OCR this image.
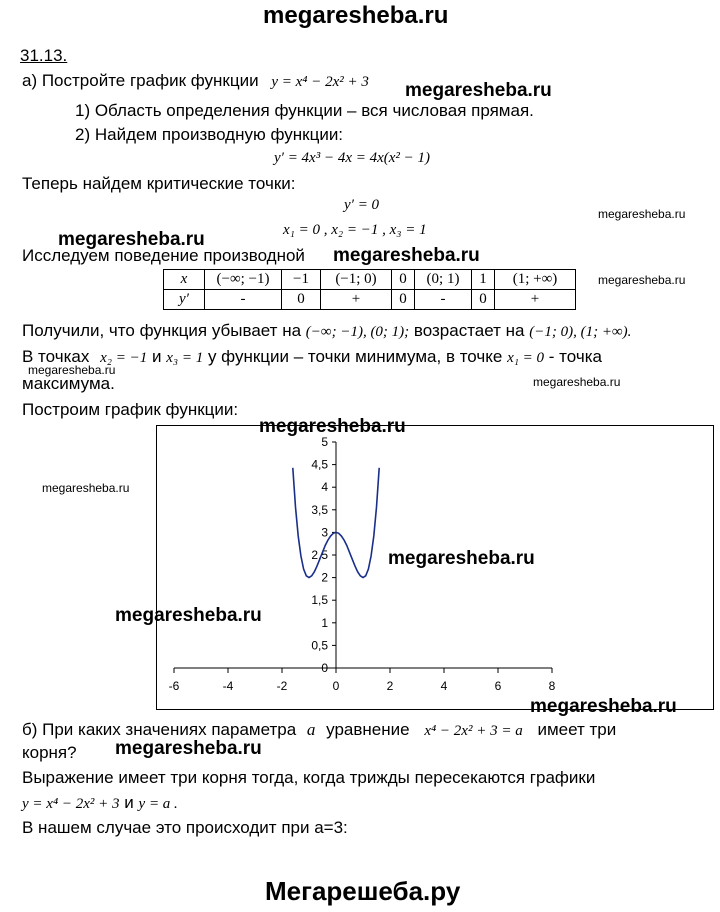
megaresheba.ru
31.13.
а) Постройте график функции y = x⁴ − 2x² + 3
1) Область определения функции – вся числовая прямая.
2) Найдем производную функции:
y′ = 4x³ − 4x = 4x(x² − 1)
Теперь найдем критические точки:
y′ = 0
x₁ = 0 , x₂ = −1 , x₃ = 1
Исследуем поведение производной
x	(−∞; −1)	−1	(−1; 0)	0	(0; 1)	1	(1; +∞)
y′	-	0	+	0	-	0	+
Получили, что функция убывает на (−∞; −1), (0; 1); возрастает на (−1; 0), (1; +∞).
В точках x₂ = −1 и x₃ = 1 у функции – точки минимума, в точке x₁ = 0 - точка
максимума.
Построим график функции:
-6	-4	-2	0	2	4	6	8
0
0,5
1
1,5
2
2,5
3
3,5
4
4,5
5
б) При каких значениях параметра a уравнение x⁴ − 2x² + 3 = a имеет три
корня?
Выражение имеет три корня тогда, когда трижды пересекаются графики
y = x⁴ − 2x² + 3 и y = a .
В нашем случае это происходит при а=3:
megaresheba.ru
megaresheba.ru
megaresheba.ru
megaresheba.ru
megaresheba.ru
megaresheba.ru
megaresheba.ru
megaresheba.ru
megaresheba.ru
megaresheba.ru
megaresheba.ru
megaresheba.ru
megaresheba.ru
Мегарешеба.ру
